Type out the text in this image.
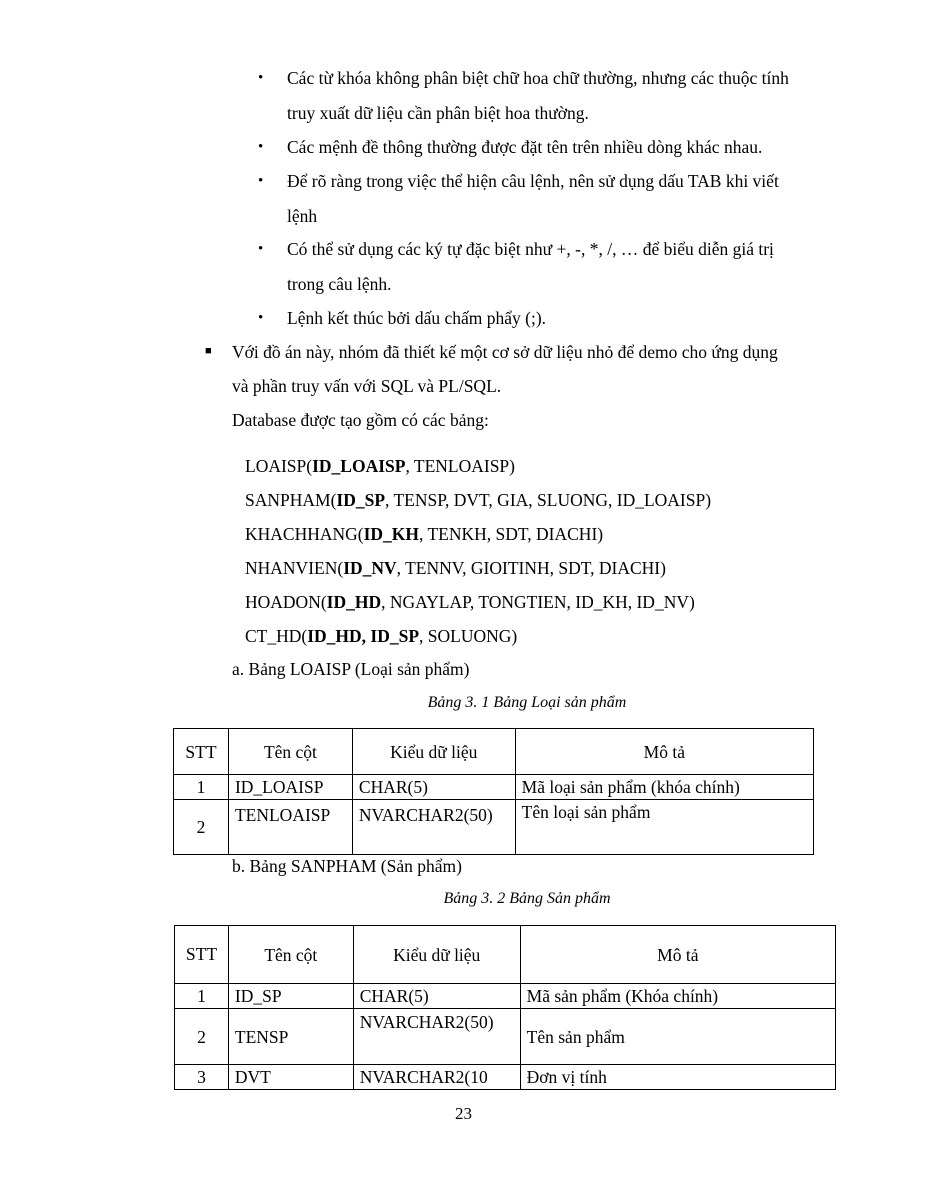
• Các từ khóa không phân biệt chữ hoa chữ thường, nhưng các thuộc tính
truy xuất dữ liệu cần phân biệt hoa thường.
• Các mệnh đề thông thường được đặt tên trên nhiều dòng khác nhau.
• Để rõ ràng trong việc thể hiện câu lệnh, nên sử dụng dấu TAB khi viết
lệnh
• Có thể sử dụng các ký tự đặc biệt như +, -, *, /, … để biểu diễn giá trị
trong câu lệnh.
• Lệnh kết thúc bởi dấu chấm phẩy (;).
■ Với đồ án này, nhóm đã thiết kế một cơ sở dữ liệu nhỏ để demo cho ứng dụng
và phần truy vấn với SQL và PL/SQL.
Database được tạo gồm có các bảng:
LOAISP(ID_LOAISP, TENLOAISP)
SANPHAM(ID_SP, TENSP, DVT, GIA, SLUONG, ID_LOAISP)
KHACHHANG(ID_KH, TENKH, SDT, DIACHI)
NHANVIEN(ID_NV, TENNV, GIOITINH, SDT, DIACHI)
HOADON(ID_HD, NGAYLAP, TONGTIEN, ID_KH, ID_NV)
CT_HD(ID_HD, ID_SP, SOLUONG)
a. Bảng LOAISP (Loại sản phẩm)
Bảng 3. 1 Bảng Loại sản phẩm
STT	Tên cột	Kiểu dữ liệu	Mô tả
1	ID_LOAISP	CHAR(5)	Mã loại sản phẩm (khóa chính)
2	TENLOAISP	NVARCHAR2(50)	Tên loại sản phẩm
b. Bảng SANPHAM (Sản phẩm)
Bảng 3. 2 Bảng Sản phẩm
STT	Tên cột	Kiểu dữ liệu	Mô tả
1	ID_SP	CHAR(5)	Mã sản phẩm (Khóa chính)
2	TENSP	NVARCHAR2(50)	Tên sản phẩm
3	DVT	NVARCHAR2(10	Đơn vị tính
23
